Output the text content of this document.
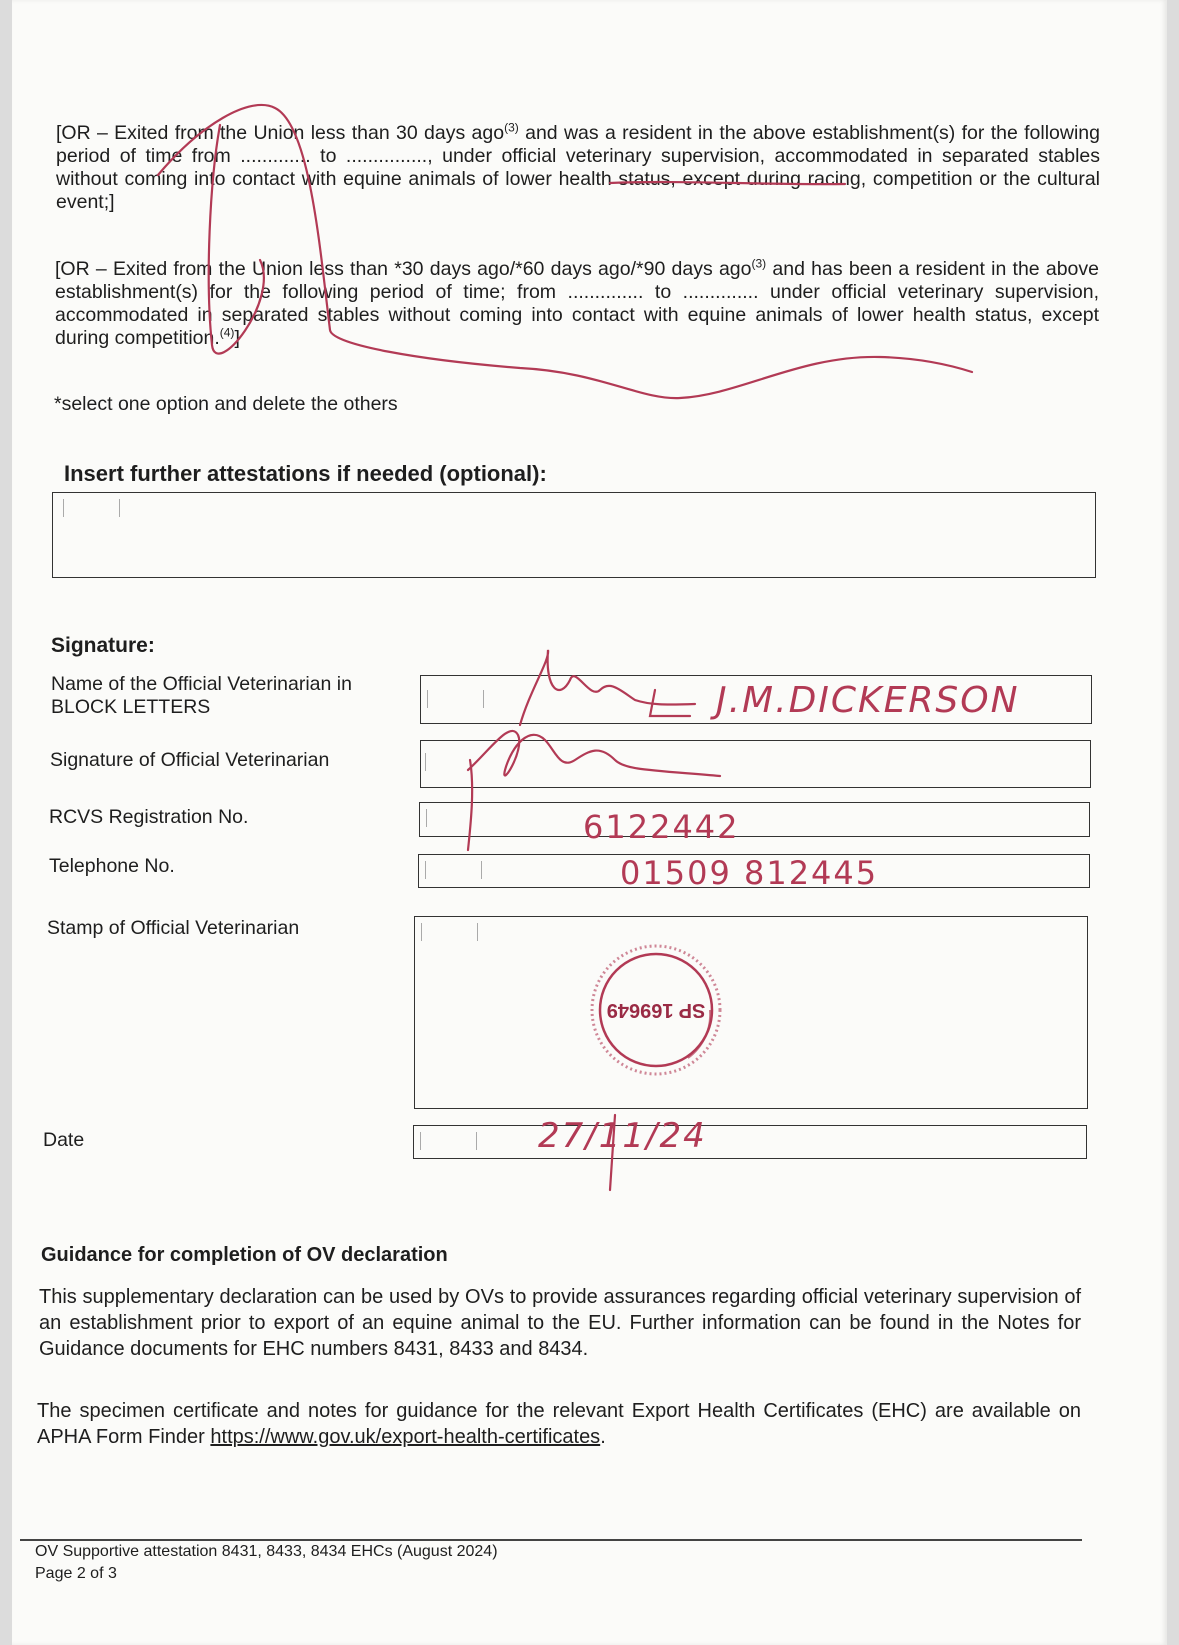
[OR – Exited from the Union less than 30 days ago$^{(3)}$ and was a resident in the above establishment(s) for the following period of time from ............. to ..............., under official veterinary supervision, accommodated in separated stables without coming into contact with equine animals of lower health status, except during racing, competition or the cultural event;]
[OR – Exited from the Union less than *30 days ago/*60 days ago/*90 days ago$^{(3)}$ and has been a resident in the above establishment(s) for the following period of time; from .............. to .............. under official veterinary supervision, accommodated in separated stables without coming into contact with equine animals of lower health status, except during competition.$^{(4)}$]
*select one option and delete the others
Insert further attestations if needed (optional):
Signature:
Name of the Official Veterinarian in BLOCK LETTERS	J.M.DICKERSON
Signature of Official Veterinarian
RCVS Registration No.	6122442
Telephone No.	01509 812445
Stamp of Official Veterinarian
SP 169649
Date	27/11/24
Guidance for completion of OV declaration
This supplementary declaration can be used by OVs to provide assurances regarding official veterinary supervision of an establishment prior to export of an equine animal to the EU. Further information can be found in the Notes for Guidance documents for EHC numbers 8431, 8433 and 8434.
The specimen certificate and notes for guidance for the relevant Export Health Certificates (EHC) are available on APHA Form Finder https://www.gov.uk/export-health-certificates.
OV Supportive attestation 8431, 8433, 8434 EHCs (August 2024)
Page 2 of 3
